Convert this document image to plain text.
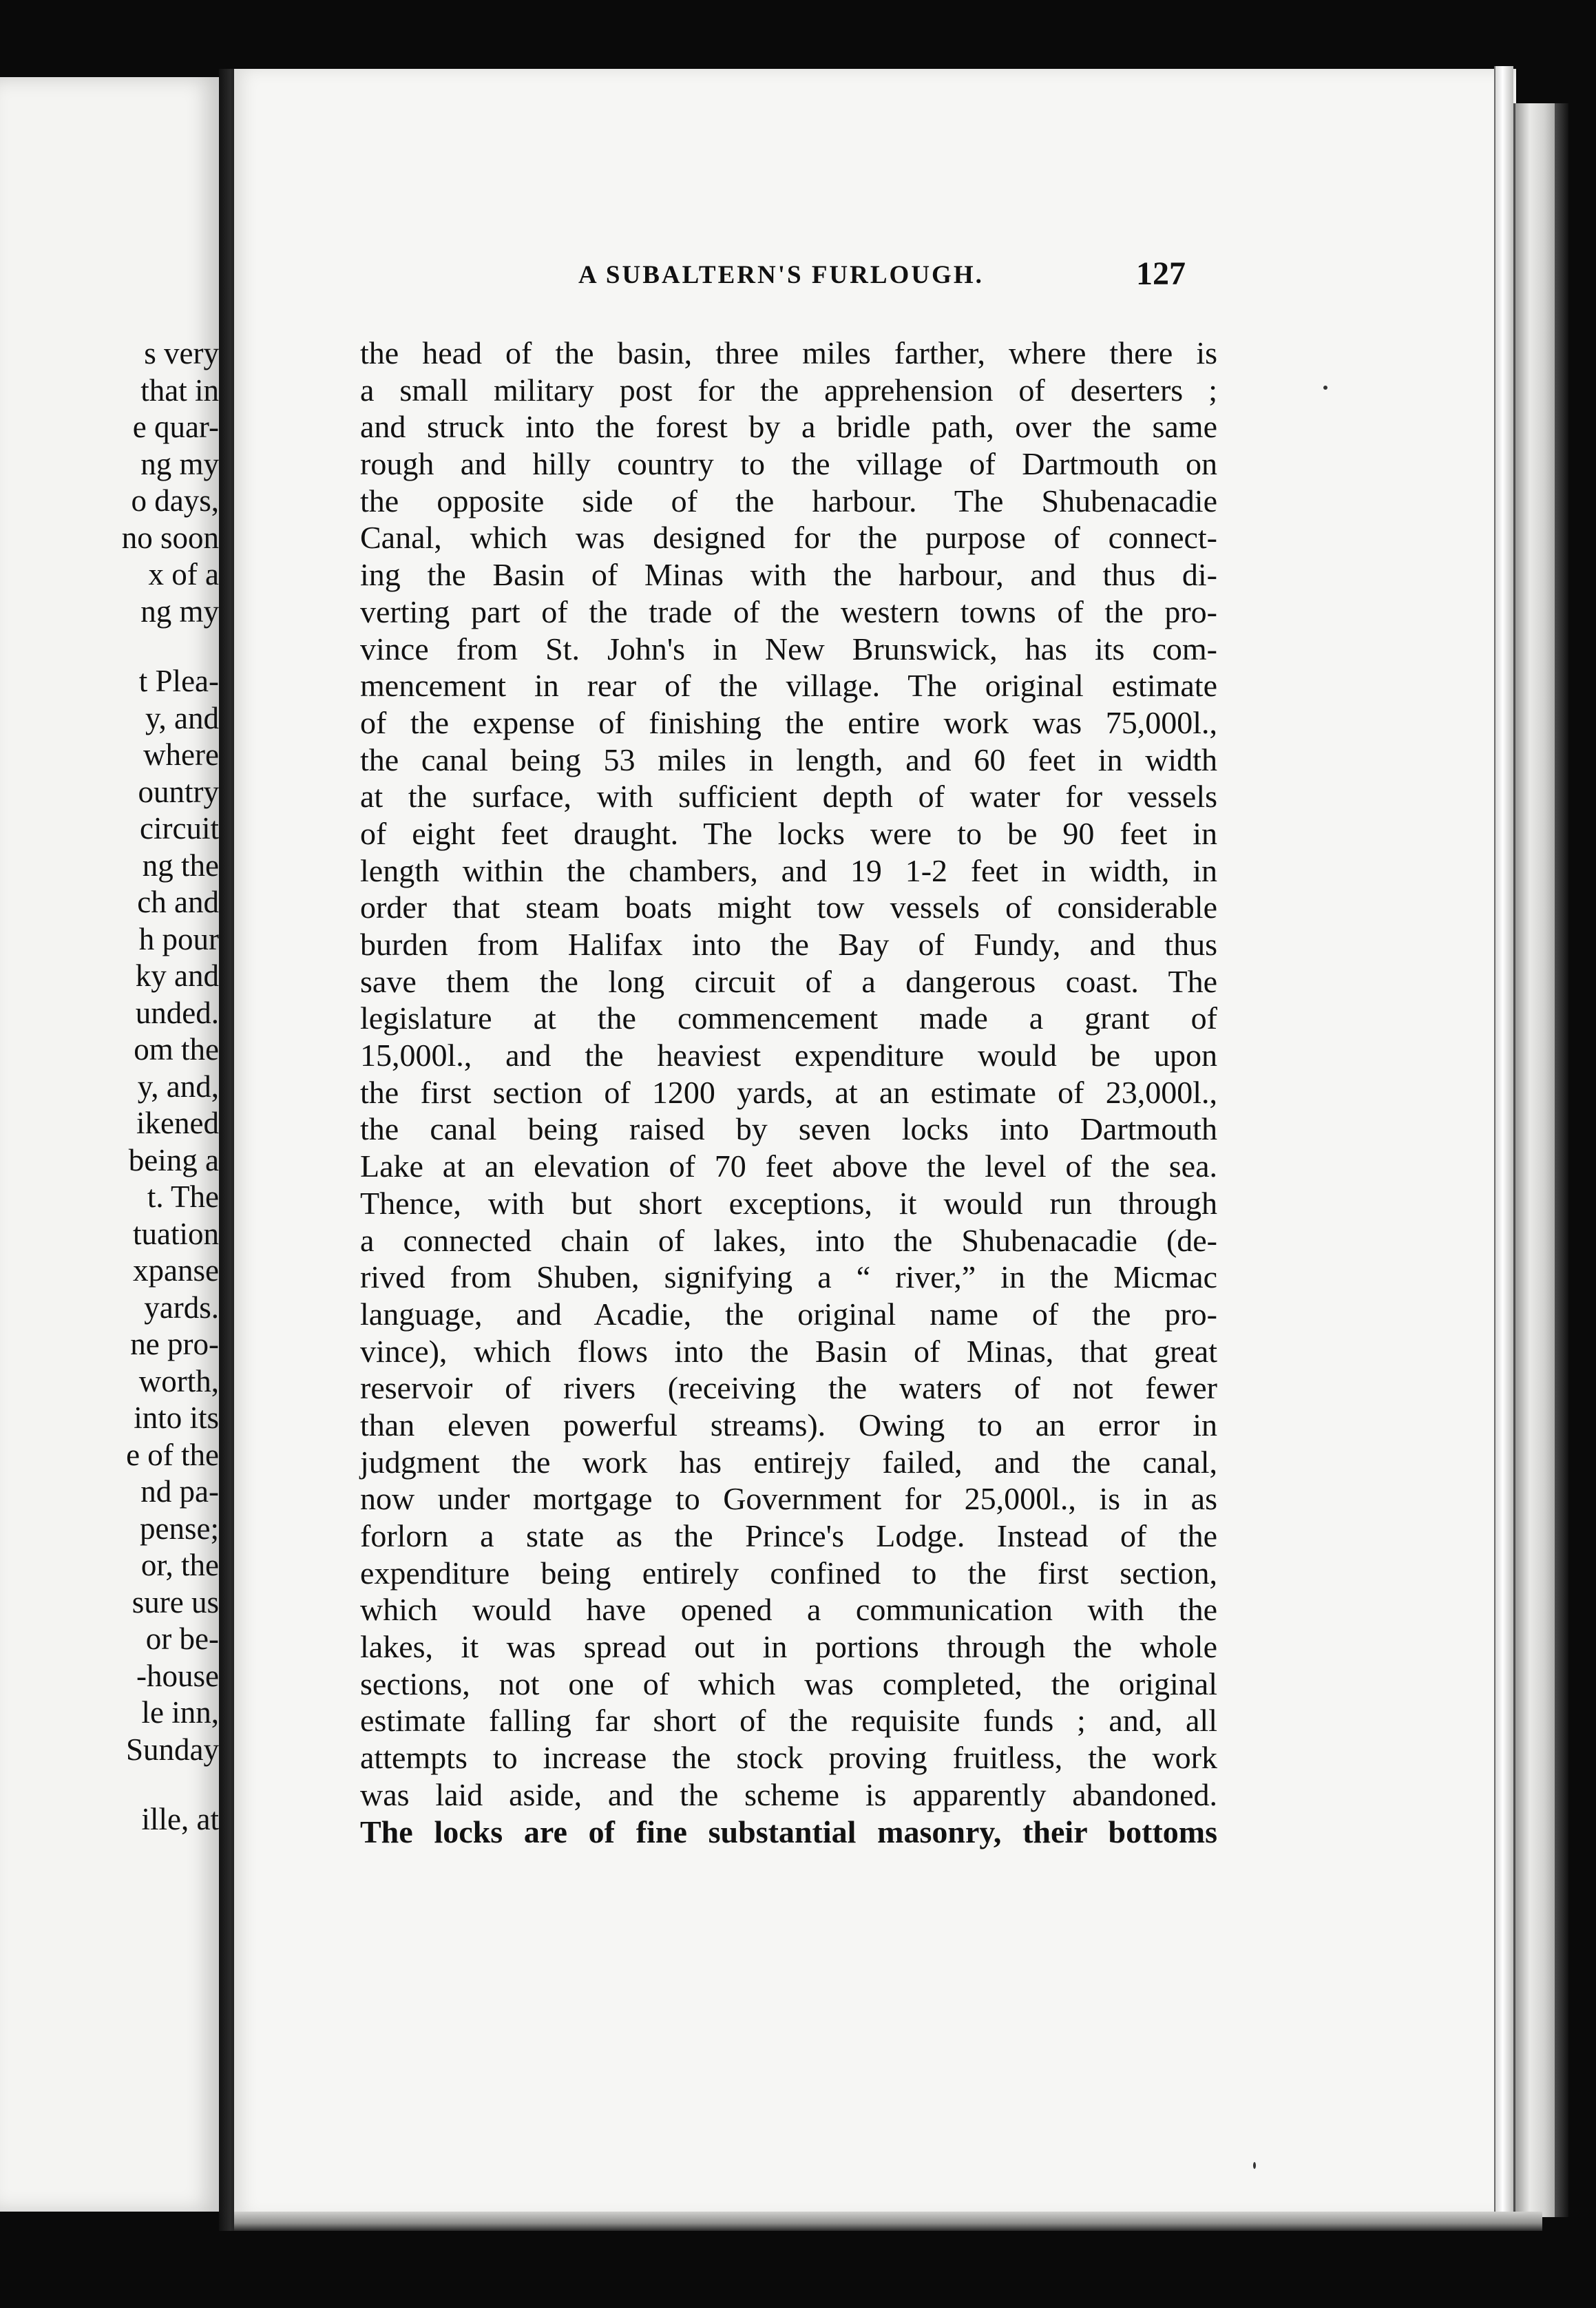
s very
that in
e quar-
ng my
o days,
no soon
x of a
ng my
t Plea-
y, and
where
ountry
circuit
ng the
ch and
h pour
ky and
unded.
om the
y, and,
ikened
being a
t. The
tuation
xpanse
yards.
ne pro-
worth,
into its
e of the
nd pa-
pense;
or, the
sure us
or be-
-house
le inn,
Sunday
ille, at
A SUBALTERN'S FURLOUGH.	127
the head of the basin, three miles farther, where there is
a small military post for the apprehension of deserters ;
and struck into the forest by a bridle path, over the same
rough and hilly country to the village of Dartmouth on
the opposite side of the harbour. The Shubenacadie
Canal, which was designed for the purpose of connect-
ing the Basin of Minas with the harbour, and thus di-
verting part of the trade of the western towns of the pro-
vince from St. John's in New Brunswick, has its com-
mencement in rear of the village. The original estimate
of the expense of finishing the entire work was 75,000l.,
the canal being 53 miles in length, and 60 feet in width
at the surface, with sufficient depth of water for vessels
of eight feet draught. The locks were to be 90 feet in
length within the chambers, and 19 1-2 feet in width, in
order that steam boats might tow vessels of considerable
burden from Halifax into the Bay of Fundy, and thus
save them the long circuit of a dangerous coast. The
legislature at the commencement made a grant of
15,000l., and the heaviest expenditure would be upon
the first section of 1200 yards, at an estimate of 23,000l.,
the canal being raised by seven locks into Dartmouth
Lake at an elevation of 70 feet above the level of the sea.
Thence, with but short exceptions, it would run through
a connected chain of lakes, into the Shubenacadie (de-
rived from Shuben, signifying a “ river,” in the Micmac
language, and Acadie, the original name of the pro-
vince), which flows into the Basin of Minas, that great
reservoir of rivers (receiving the waters of not fewer
than eleven powerful streams). Owing to an error in
judgment the work has entirejy failed, and the canal,
now under mortgage to Government for 25,000l., is in as
forlorn a state as the Prince's Lodge. Instead of the
expenditure being entirely confined to the first section,
which would have opened a communication with the
lakes, it was spread out in portions through the whole
sections, not one of which was completed, the original
estimate falling far short of the requisite funds ; and, all
attempts to increase the stock proving fruitless, the work
was laid aside, and the scheme is apparently abandoned.
The locks are of fine substantial masonry, their bottoms
